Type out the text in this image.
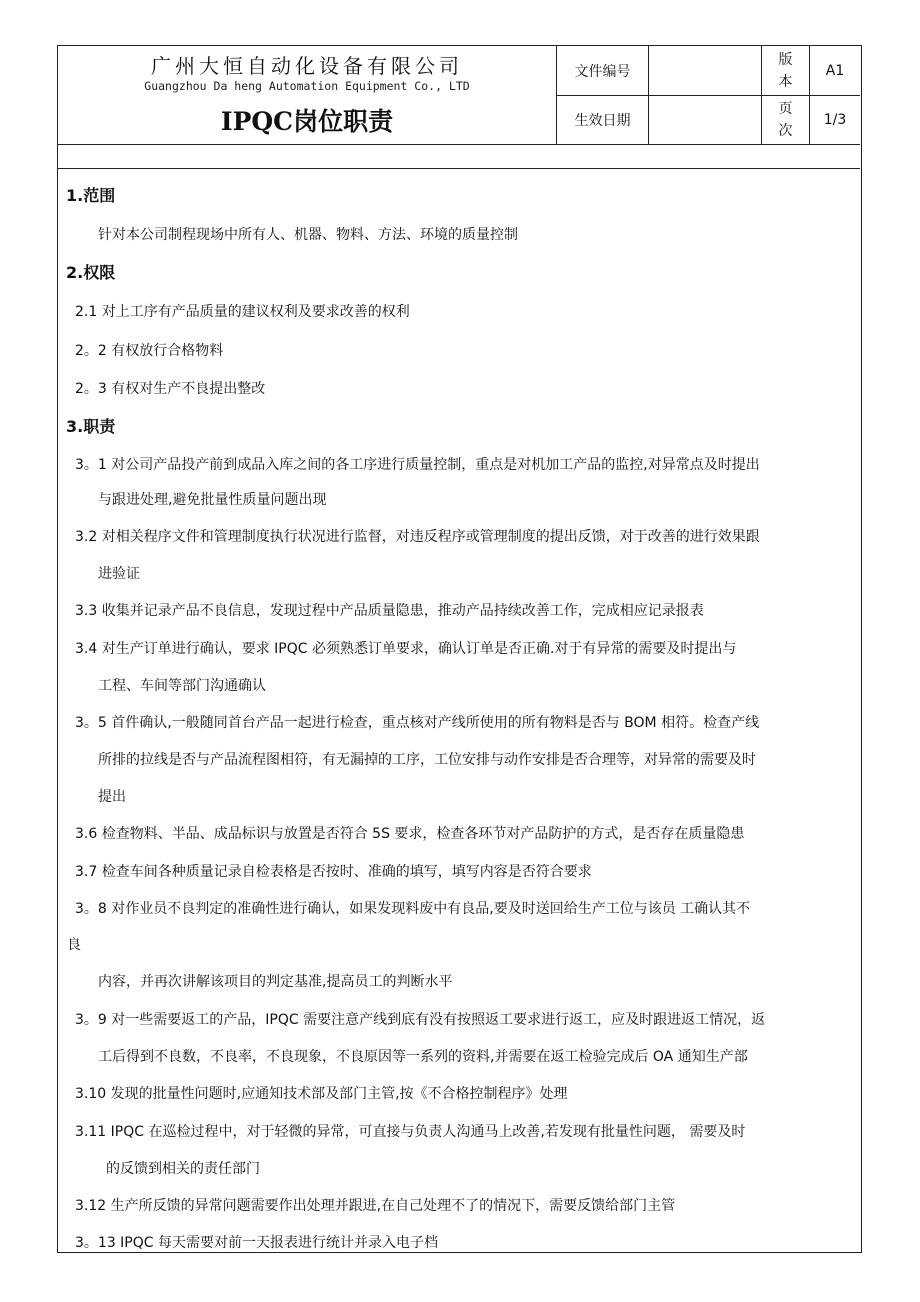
广州大恒自动化设备有限公司
Guangzhou Da heng Automation Equipment Co., LTD
IPQC岗位职责
文件编号
版
本
A1
生效日期
页
次
1/3
1.范围
针对本公司制程现场中所有人、机器、物料、方法、环境的质量控制
2.权限
2.1 对上工序有产品质量的建议权利及要求改善的权利
2。2 有权放行合格物料
2。3 有权对生产不良提出整改
3.职责
3。1 对公司产品投产前到成品入库之间的各工序进行质量控制，重点是对机加工产品的监控,对异常点及时提出
与跟进处理,避免批量性质量问题出现
3.2 对相关程序文件和管理制度执行状况进行监督，对违反程序或管理制度的提出反馈，对于改善的进行效果跟
进验证
3.3 收集并记录产品不良信息，发现过程中产品质量隐患，推动产品持续改善工作，完成相应记录报表
3.4 对生产订单进行确认，要求 IPQC 必须熟悉订单要求，确认订单是否正确.对于有异常的需要及时提出与
工程、车间等部门沟通确认
3。5 首件确认,一般随同首台产品一起进行检查，重点核对产线所使用的所有物料是否与 BOM 相符。检查产线
所排的拉线是否与产品流程图相符，有无漏掉的工序，工位安排与动作安排是否合理等，对异常的需要及时
提出
3.6 检查物料、半品、成品标识与放置是否符合 5S 要求，检查各环节对产品防护的方式，是否存在质量隐患
3.7 检查车间各种质量记录自检表格是否按时、准确的填写，填写内容是否符合要求
3。8 对作业员不良判定的准确性进行确认，如果发现料废中有良品,要及时送回给生产工位与该员 工确认其不
良
内容，并再次讲解该项目的判定基准,提高员工的判断水平
3。9 对一些需要返工的产品，IPQC 需要注意产线到底有没有按照返工要求进行返工，应及时跟进返工情况，返
工后得到不良数，不良率，不良现象，不良原因等一系列的资料,并需要在返工检验完成后 OA 通知生产部
3.10 发现的批量性问题时,应通知技术部及部门主管,按《不合格控制程序》处理
3.11 IPQC 在巡检过程中，对于轻微的异常，可直接与负责人沟通马上改善,若发现有批量性问题， 需要及时
的反馈到相关的责任部门
3.12 生产所反馈的异常问题需要作出处理并跟进,在自己处理不了的情况下，需要反馈给部门主管
3。13 IPQC 每天需要对前一天报表进行统计并录入电子档
